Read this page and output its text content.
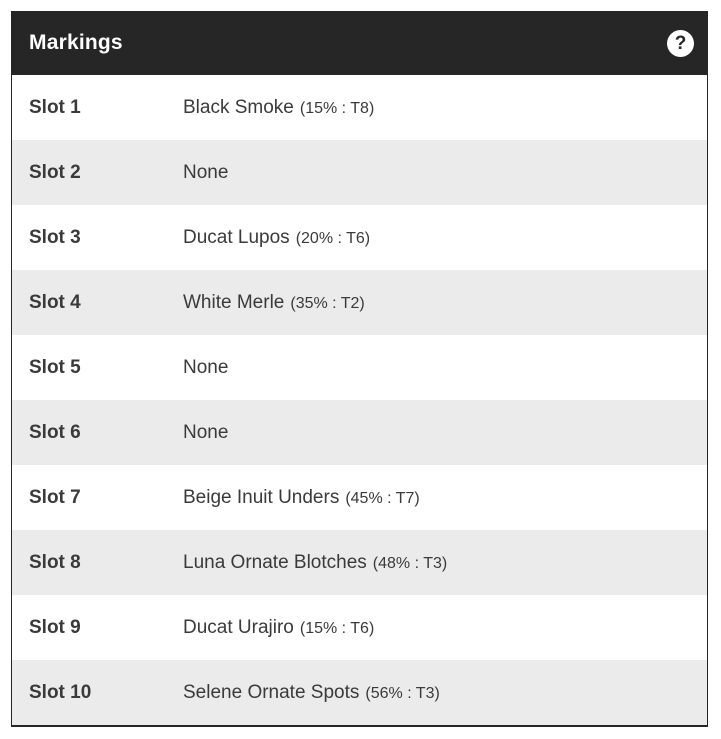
Markings	?
Slot 1	Black Smoke (15% : T8)
Slot 2	None
Slot 3	Ducat Lupos (20% : T6)
Slot 4	White Merle (35% : T2)
Slot 5	None
Slot 6	None
Slot 7	Beige Inuit Unders (45% : T7)
Slot 8	Luna Ornate Blotches (48% : T3)
Slot 9	Ducat Urajiro (15% : T6)
Slot 10	Selene Ornate Spots (56% : T3)
